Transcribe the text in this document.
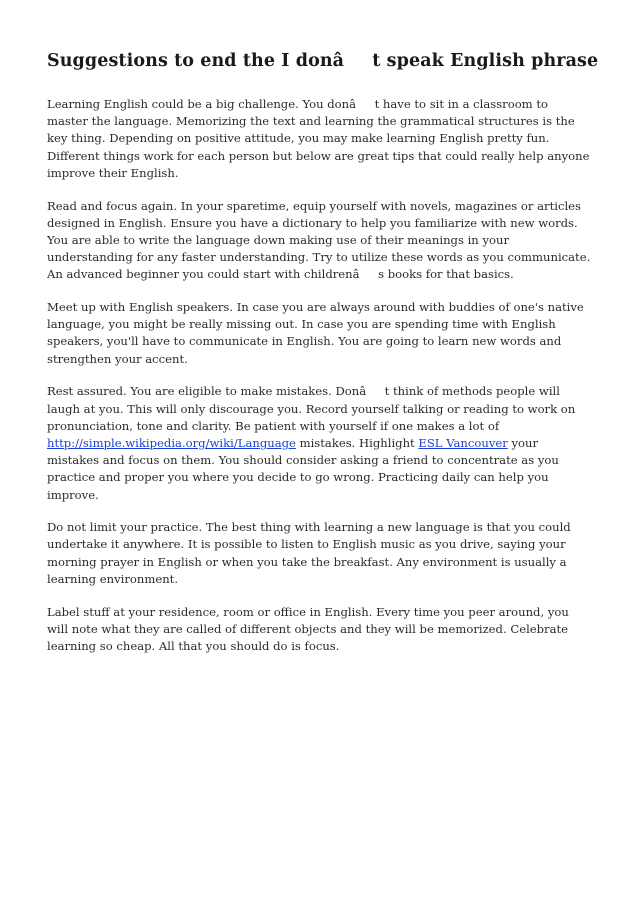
Suggestions to end the I donât speak English phrase

Learning English could be a big challenge. You donât have to sit in a classroom to master the language. Memorizing the text and learning the grammatical structures is the key thing. Depending on positive attitude, you may make learning English pretty fun. Different things work for each person but below are great tips that could really help anyone improve their English.

Read and focus again. In your sparetime, equip yourself with novels, magazines or articles designed in English. Ensure you have a dictionary to help you familiarize with new words. You are able to write the language down making use of their meanings in your understanding for any faster understanding. Try to utilize these words as you communicate. An advanced beginner you could start with childrenâs books for that basics.

Meet up with English speakers. In case you are always around with buddies of one's native language, you might be really missing out. In case you are spending time with English speakers, you'll have to communicate in English. You are going to learn new words and strengthen your accent.

Rest assured. You are eligible to make mistakes. Donât think of methods people will laugh at you. This will only discourage you. Record yourself talking or reading to work on pronunciation, tone and clarity. Be patient with yourself if one makes a lot of http://simple.wikipedia.org/wiki/Language mistakes. Highlight ESL Vancouver your mistakes and focus on them. You should consider asking a friend to concentrate as you practice and proper you where you decide to go wrong. Practicing daily can help you improve.

Do not limit your practice. The best thing with learning a new language is that you could undertake it anywhere. It is possible to listen to English music as you drive, saying your morning prayer in English or when you take the breakfast. Any environment is usually a learning environment.

Label stuff at your residence, room or office in English. Every time you peer around, you will note what they are called of different objects and they will be memorized. Celebrate learning so cheap. All that you should do is focus.
